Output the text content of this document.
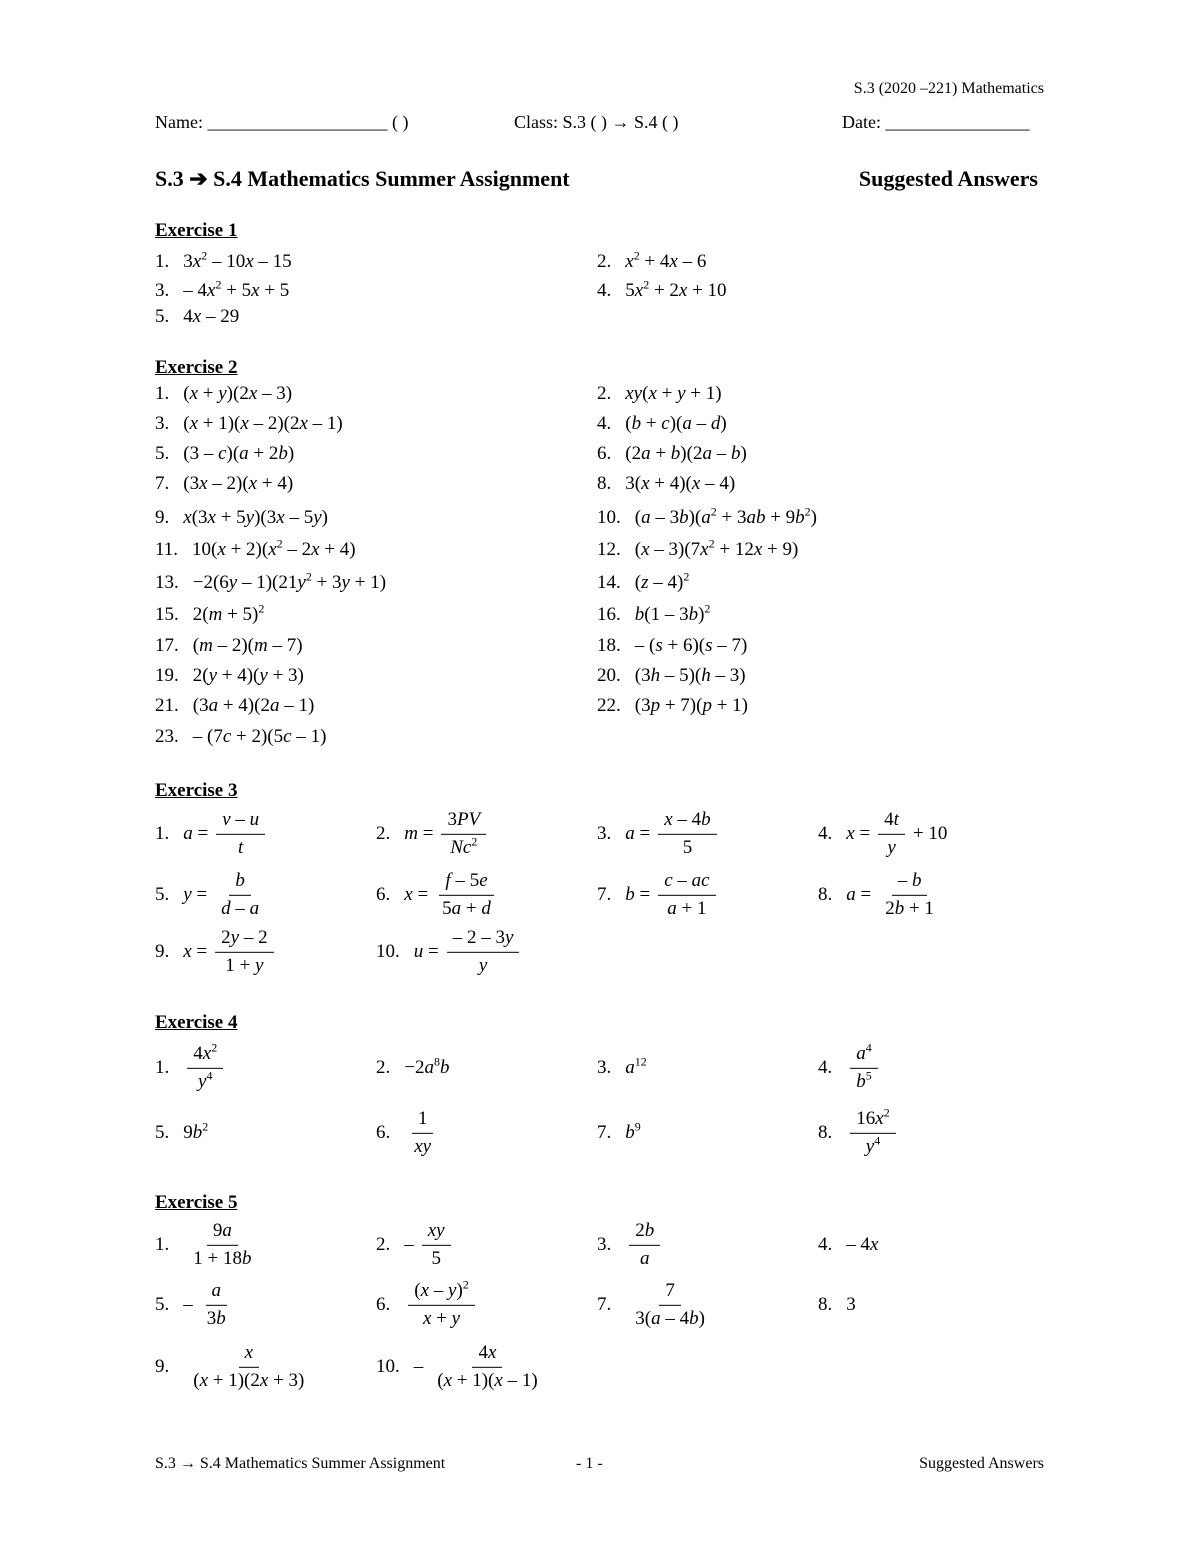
S.3 (2020 –221) Mathematics
Name: ____________________ ( )	Class: S.3 ( ) → S.4 ( )	Date: ________________
S.3 ➔ S.4 Mathematics Summer Assignment	Suggested Answers
Exercise 1
Exercise 2
Exercise 3
Exercise 4
Exercise 5
1. $3x^2 - 10x - 15$	2. $x^2 + 4x - 6$
3. – $4x^2 + 5x + 5$	4. $5x^2 + 2x + 10$
5. 4x – 29
1. (x + y)(2x – 3)	2. xy(x + y + 1)
3. (x + 1)(x – 2)(2x – 1)	4. (b + c)(a – d)
5. (3 – c)(a + 2b)	6. (2a + b)(2a – b)
7. (3x – 2)(x + 4)	8. 3(x + 4)(x – 4)
9. x(3x + 5y)(3x – 5y)	10. $(a - 3b)(a^2 + 3ab + 9b^2)$
11. $10(x + 2)(x^2 - 2x + 4)$	12. $(x - 3)(7x^2 + 12x + 9)$
13. $-2(6y - 1)(21y^2 + 3y + 1)$	14. (z – 4)$^2$
15. $2(m + 5)^2$	16. b(1 – 3b)$^2$
17. (m – 2)(m – 7)	18. – (s + 6)(s – 7)
19. 2(y + 4)(y + 3)	20. (3h – 5)(h – 3)
21. (3a + 4)(2a – 1)	22. (3p + 7)(p + 1)
23. – (7c + 2)(5c – 1)
1. $a = \frac{v - u}{t}$	2. $m = \frac{3PV}{Nc^2}$	3. $a = \frac{x - 4b}{5}$	4. $x = \frac{4t}{y} + 10$
5. $y = \frac{b}{d - a}$	6. $x = \frac{f - 5e}{5a + d}$	7. $b = \frac{c - ac}{a + 1}$	8. $a = \frac{- b}{2b + 1}$
9. $x = \frac{2y - 2}{1 + y}$	10. $u = \frac{- 2 - 3y}{y}$
1. $\frac{4x^2}{y^4}$	2. $-2a^8b$	3. $a^{12}$	4. $\frac{a^4}{b^5}$
5. $9b^2$	6. $\frac{1}{xy}$	7. $b^9$	8. $\frac{16x^2}{y^4}$
1. $\frac{9a}{1 + 18b}$	2. – $\frac{xy}{5}$	3. $\frac{2b}{a}$	4. – 4x
5. – $\frac{a}{3b}$	6. $\frac{(x - y)^2}{x + y}$	7. $\frac{7}{3(a - 4b)}$	8. 3
9. $\frac{x}{(x + 1)(2x + 3)}$	10. – $\frac{4x}{(x + 1)(x - 1)}$
S.3 → S.4 Mathematics Summer Assignment	- 1 -	Suggested Answers
